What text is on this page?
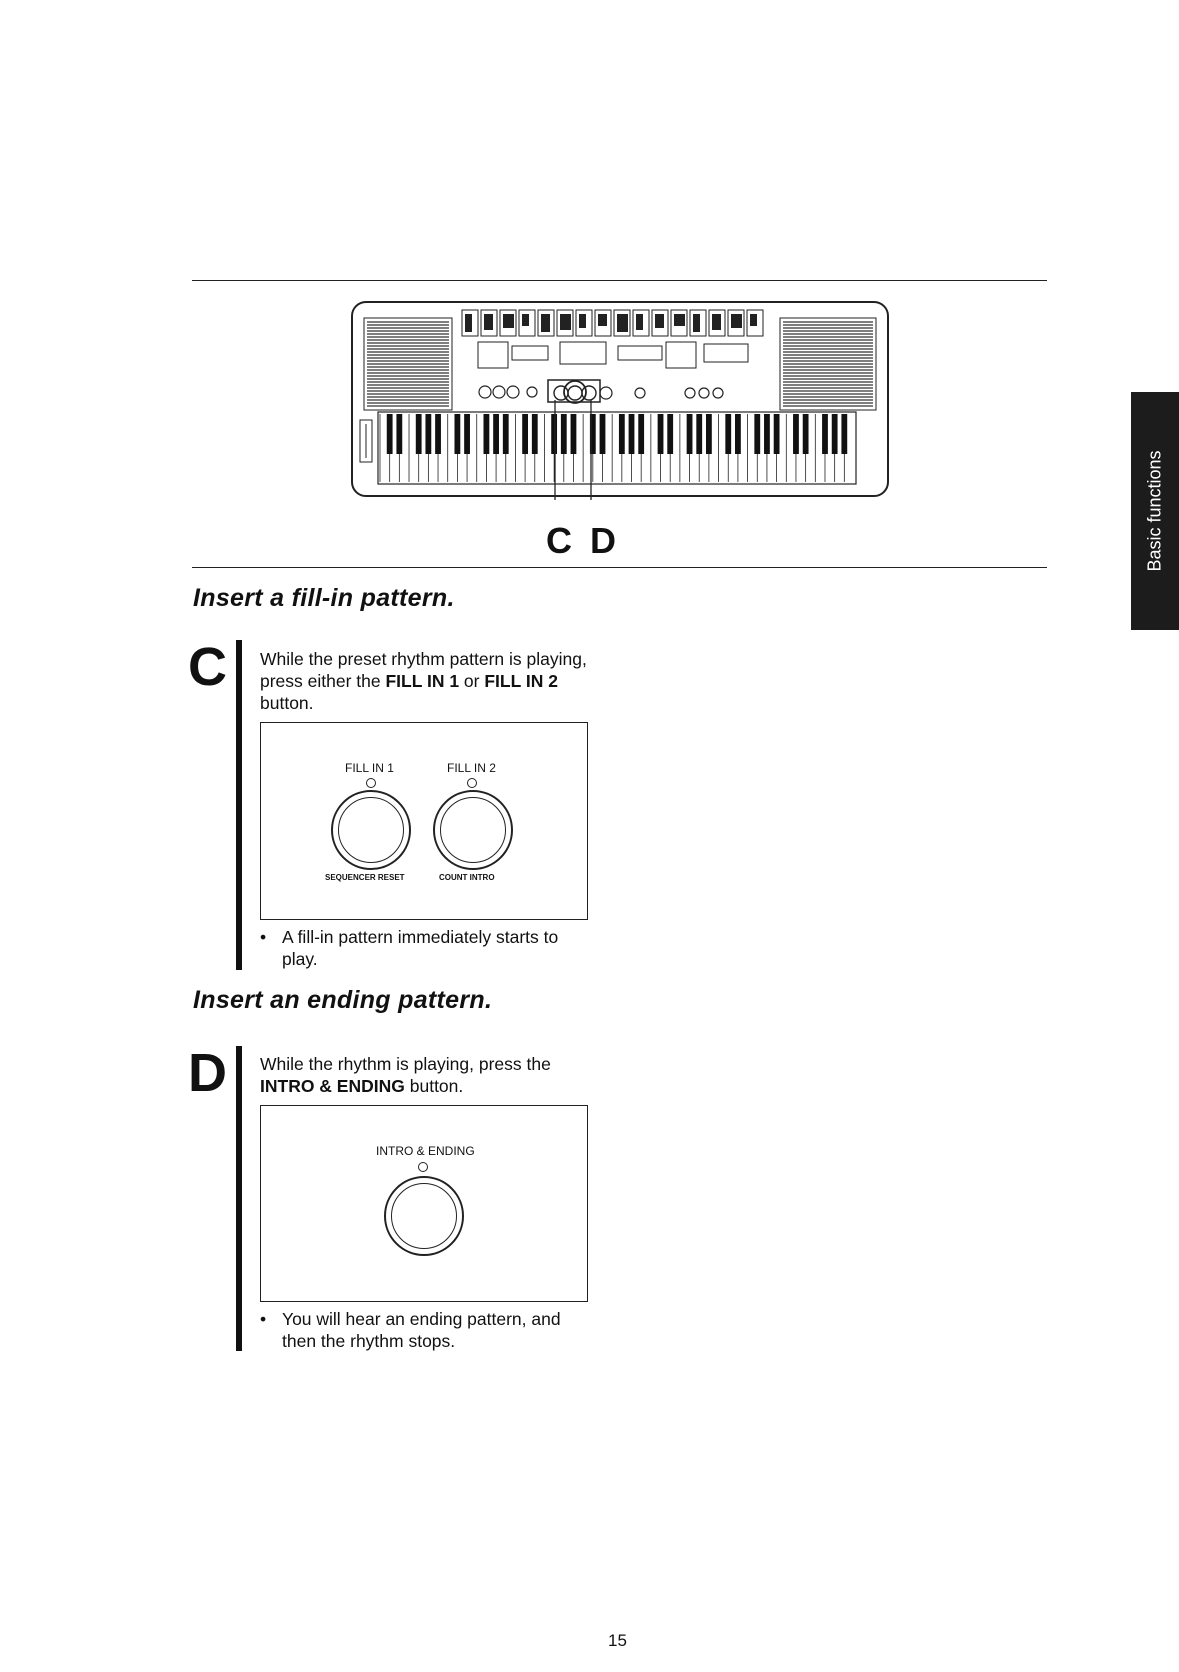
C D
Insert a fill-in pattern.
C While the preset rhythm pattern is playing, press either the FILL IN 1 or FILL IN 2 button.
FILL IN 1	FILL IN 2
SEQUENCER RESET	COUNT INTRO
• A fill-in pattern immediately starts to play.
Insert an ending pattern.
D While the rhythm is playing, press the INTRO & ENDING button.
INTRO & ENDING
• You will hear an ending pattern, and then the rhythm stops.
Basic functions
15
